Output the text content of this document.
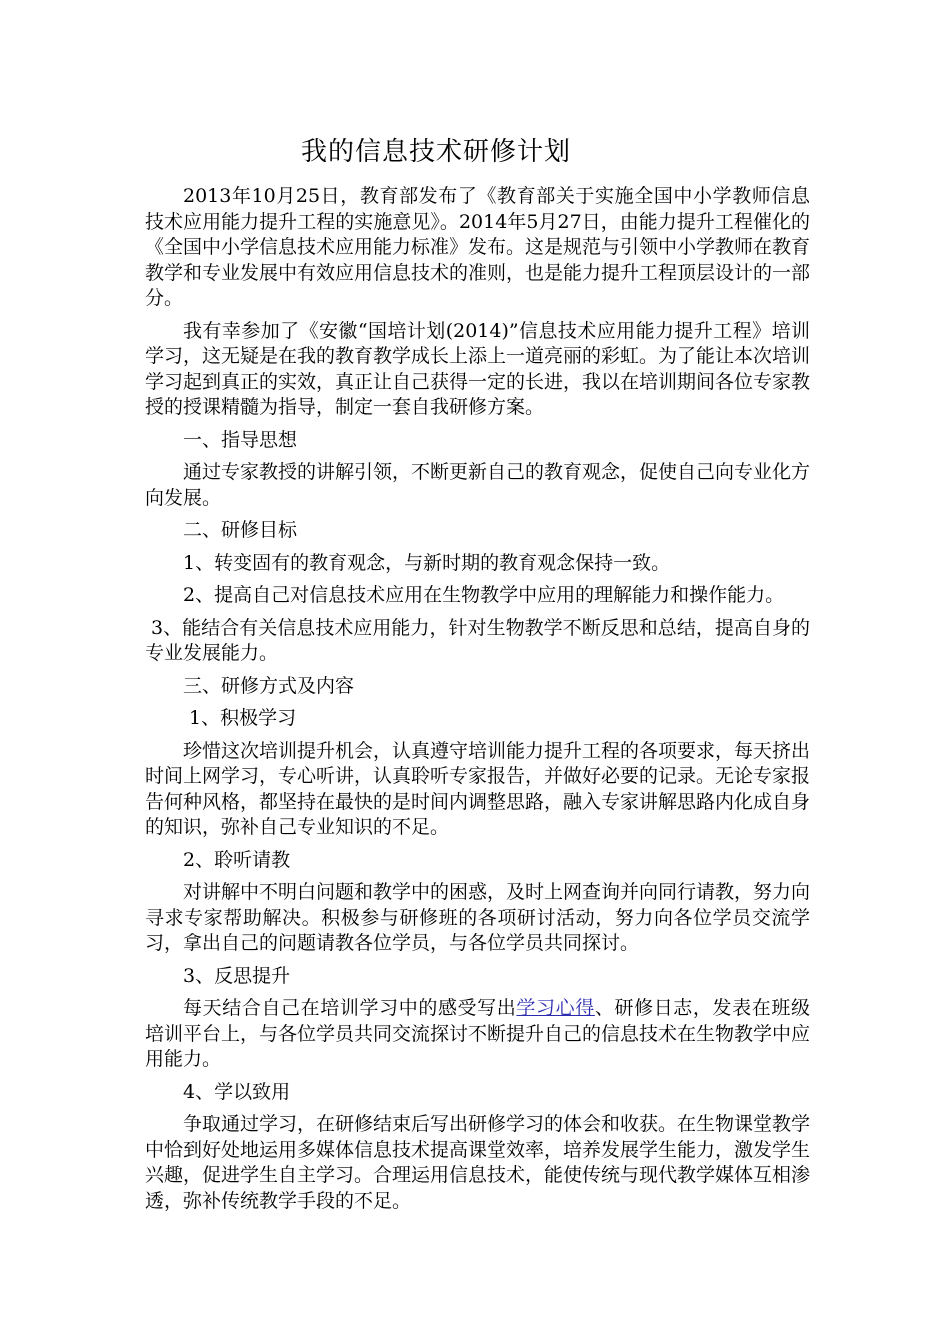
我的信息技术研修计划

2013年10月25日，教育部发布了《教育部关于实施全国中小学教师信息技术应用能力提升工程的实施意见》。2014年5月27日，由能力提升工程催化的《全国中小学信息技术应用能力标准》发布。这是规范与引领中小学教师在教育教学和专业发展中有效应用信息技术的准则，也是能力提升工程顶层设计的一部分。

我有幸参加了《安徽“国培计划(2014)”信息技术应用能力提升工程》培训学习，这无疑是在我的教育教学成长上添上一道亮丽的彩虹。为了能让本次培训学习起到真正的实效，真正让自己获得一定的长进，我以在培训期间各位专家教授的授课精髓为指导，制定一套自我研修方案。

一、指导思想

通过专家教授的讲解引领，不断更新自己的教育观念，促使自己向专业化方向发展。

二、研修目标

1、转变固有的教育观念，与新时期的教育观念保持一致。

2、提高自己对信息技术应用在生物教学中应用的理解能力和操作能力。

3、能结合有关信息技术应用能力，针对生物教学不断反思和总结，提高自身的专业发展能力。

三、研修方式及内容

1、积极学习

珍惜这次培训提升机会，认真遵守培训能力提升工程的各项要求，每天挤出时间上网学习，专心听讲，认真聆听专家报告，并做好必要的记录。无论专家报告何种风格，都坚持在最快的是时间内调整思路，融入专家讲解思路内化成自身的知识，弥补自己专业知识的不足。

2、聆听请教

对讲解中不明白问题和教学中的困惑，及时上网查询并向同行请教，努力向寻求专家帮助解决。积极参与研修班的各项研讨活动，努力向各位学员交流学习，拿出自己的问题请教各位学员，与各位学员共同探讨。

3、反思提升

每天结合自己在培训学习中的感受写出学习心得、研修日志，发表在班级培训平台上，与各位学员共同交流探讨不断提升自己的信息技术在生物教学中应用能力。

4、学以致用

争取通过学习，在研修结束后写出研修学习的体会和收获。在生物课堂教学中恰到好处地运用多媒体信息技术提高课堂效率，培养发展学生能力，激发学生兴趣，促进学生自主学习。合理运用信息技术，能使传统与现代教学媒体互相渗透，弥补传统教学手段的不足。
